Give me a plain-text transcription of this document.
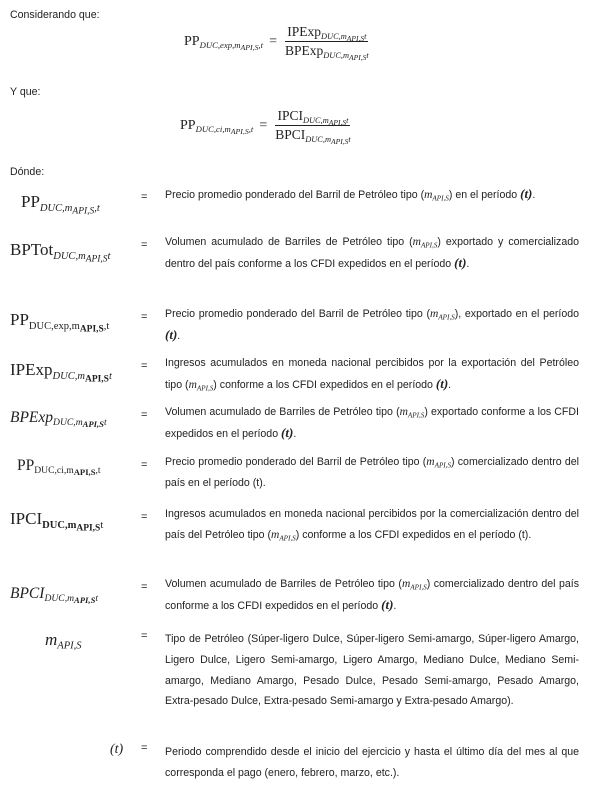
Considerando que:
$PP_{DUC,exp,m_{API,S},t} = \frac{IPExp_{DUC,m_{API,S}t}}{BPExp_{DUC,m_{API,S}t}}$
Y que:
$PP_{DUC,ci,m_{API,S},t} = \frac{IPCI_{DUC,m_{API,S}t}}{BPCI_{DUC,m_{API,S}t}}$
Dónde:
$PP_{DUC,m_{API,S},t}$
= Precio promedio ponderado del Barril de Petróleo tipo $(m_{API,S})$ en el período (t).
BPTot$_{DUC,m_{API,S}t}$
= Volumen acumulado de Barriles de Petróleo tipo $(m_{API,S})$ exportado y comercializado dentro del país conforme a los CFDI expedidos en el período (t).
$PP_{DUC,exp,m_{API,S},t}$
= Precio promedio ponderado del Barril de Petróleo tipo $(m_{API,S})$, exportado en el período (t).
IPExp$_{DUC,m_{API,S}t}$
= Ingresos acumulados en moneda nacional percibidos por la exportación del Petróleo tipo $(m_{API,S})$ conforme a los CFDI expedidos en el período (t).
BPExp$_{DUC,m_{API,S}t}$
= Volumen acumulado de Barriles de Petróleo tipo $(m_{API,S})$ exportado conforme a los CFDI expedidos en el período (t).
$PP_{DUC,ci,m_{API,S},t}$	= Precio promedio ponderado del Barril de Petróleo tipo $(m_{API,S})$ comercializado dentro del país en el período (t).
$IPCI_{DUC,m_{API,S}t}$
= Ingresos acumulados en moneda nacional percibidos por la comercialización dentro del país del Petróleo tipo $(m_{API,S})$ conforme a los CFDI expedidos en el período (t).
$BPCI_{DUC,m_{API,S}t}$
= Volumen acumulado de Barriles de Petróleo tipo $(m_{API,S})$ comercializado dentro del país conforme a los CFDI expedidos en el período (t).
$m_{API,S}$
= Tipo de Petróleo (Súper-ligero Dulce, Súper-ligero Semi-amargo, Súper-ligero Amargo, Ligero Dulce, Ligero Semi-amargo, Ligero Amargo, Mediano Dulce, Mediano Semi-amargo, Mediano Amargo, Pesado Dulce, Pesado Semi-amargo, Pesado Amargo, Extra-pesado Dulce, Extra-pesado Semi-amargo y Extra-pesado Amargo).
(t) = Periodo comprendido desde el inicio del ejercicio y hasta el último día del mes al que corresponda el pago (enero, febrero, marzo, etc.).
